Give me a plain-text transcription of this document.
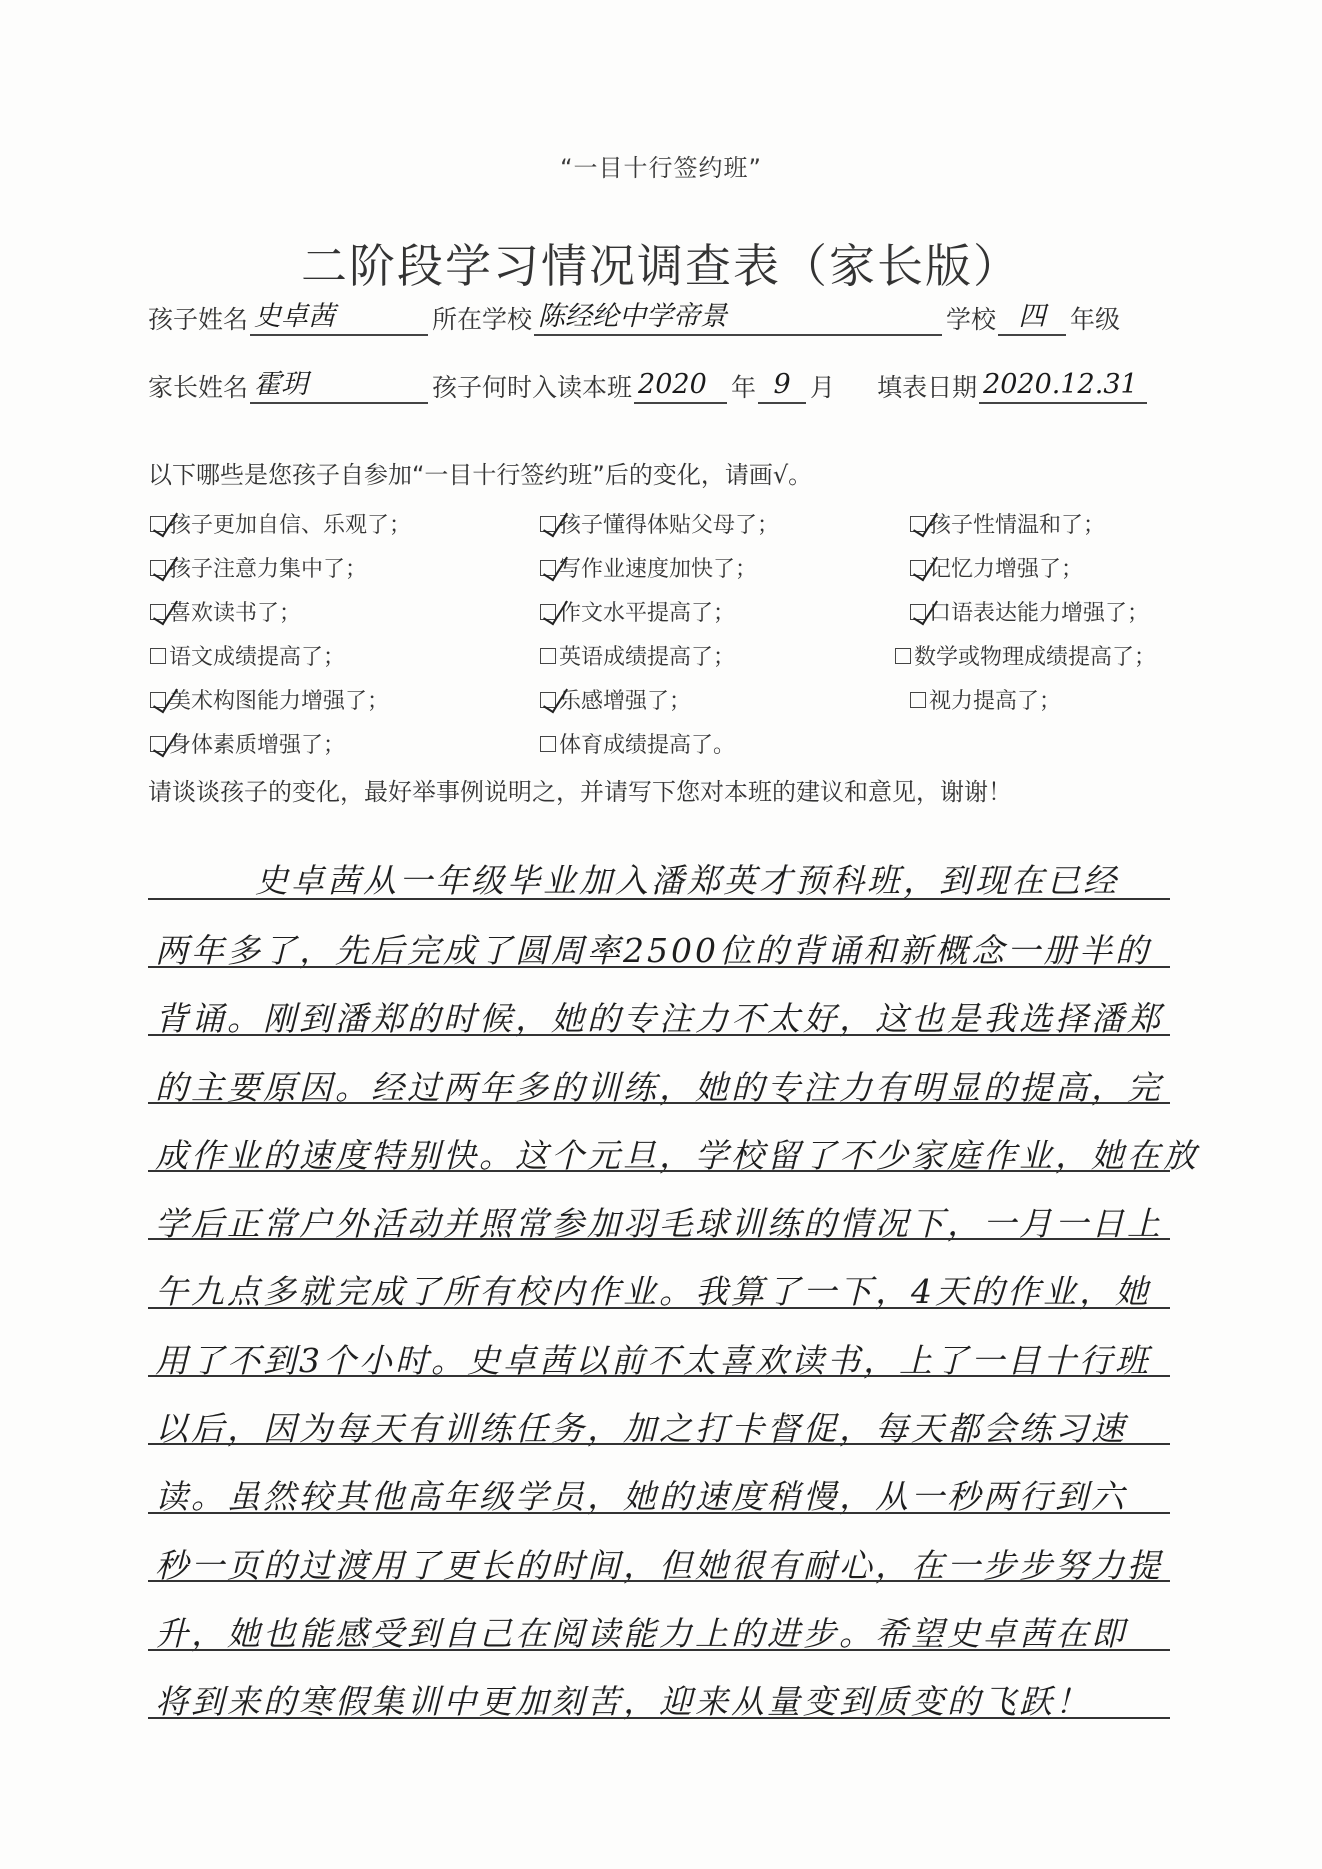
“一目十行签约班”
二阶段学习情况调查表（家长版）
孩子姓名 史卓茜	所在学校 陈经纶中学帝景	学校 四 年级
家长姓名 霍玥	孩子何时入读本班 2020 年 9 月 填表日期 2020.12.31
以下哪些是您孩子自参加“一目十行签约班”后的变化，请画√。
孩子更加自信、乐观了；	孩子懂得体贴父母了；	孩子性情温和了；
孩子注意力集中了；	写作业速度加快了；	记忆力增强了；
喜欢读书了；	作文水平提高了；	口语表达能力增强了；
语文成绩提高了；	英语成绩提高了；	数学或物理成绩提高了；
美术构图能力增强了；	乐感增强了；	视力提高了；
身体素质增强了；	体育成绩提高了。
请谈谈孩子的变化，最好举事例说明之，并请写下您对本班的建议和意见，谢谢！
史卓茜从一年级毕业加入潘郑英才预科班，到现在已经
两年多了，先后完成了圆周率2500位的背诵和新概念一册半的
背诵。刚到潘郑的时候，她的专注力不太好，这也是我选择潘郑
的主要原因。经过两年多的训练，她的专注力有明显的提高，完
成作业的速度特别快。这个元旦，学校留了不少家庭作业，她在放
学后正常户外活动并照常参加羽毛球训练的情况下，一月一日上
午九点多就完成了所有校内作业。我算了一下，4天的作业，她
用了不到3个小时。史卓茜以前不太喜欢读书，上了一目十行班
以后，因为每天有训练任务，加之打卡督促，每天都会练习速
读。虽然较其他高年级学员，她的速度稍慢，从一秒两行到六
秒一页的过渡用了更长的时间，但她很有耐心，在一步步努力提
升，她也能感受到自己在阅读能力上的进步。希望史卓茜在即
将到来的寒假集训中更加刻苦，迎来从量变到质变的飞跃！
